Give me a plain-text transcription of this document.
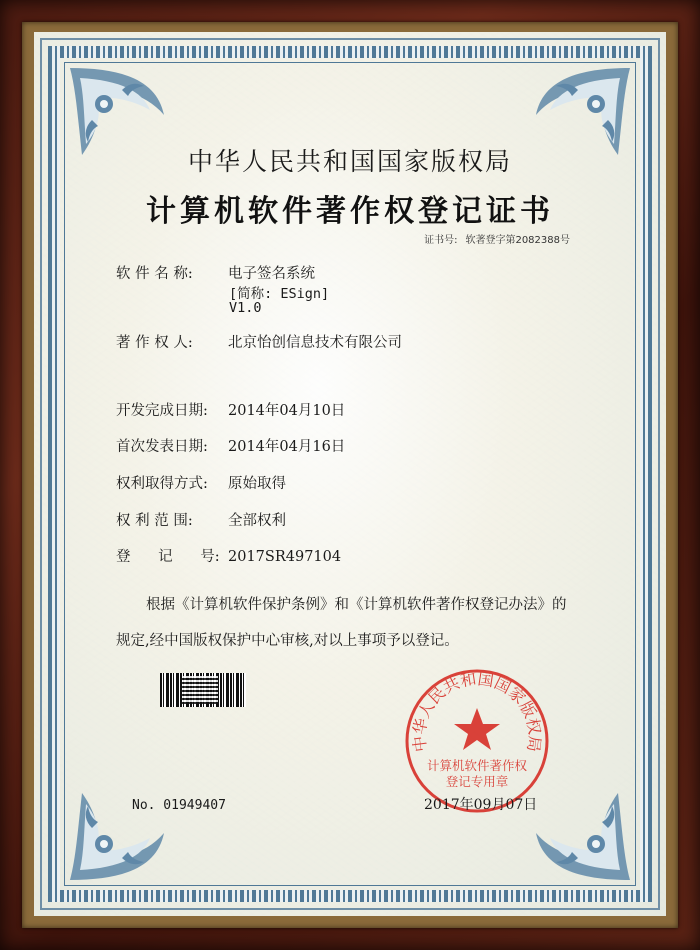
中华人民共和国国家版权局
计算机软件著作权登记证书
证书号: 软著登字第2082388号
软 件 名 称: 电子签名系统
[简称: ESign]
V1.0
著 作 权 人: 北京怡创信息技术有限公司
开发完成日期: 2014年04月10日
首次发表日期: 2014年04月16日
权利取得方式: 原始取得
权 利 范 围: 全部权利
登      记      号: 2017SR497104
根据《计算机软件保护条例》和《计算机软件著作权登记办法》的
规定,经中国版权保护中心审核,对以上事项予以登记。
中华人民共和国国家版权局
计算机软件著作权
登记专用章
No. 01949407	2017年09月07日
